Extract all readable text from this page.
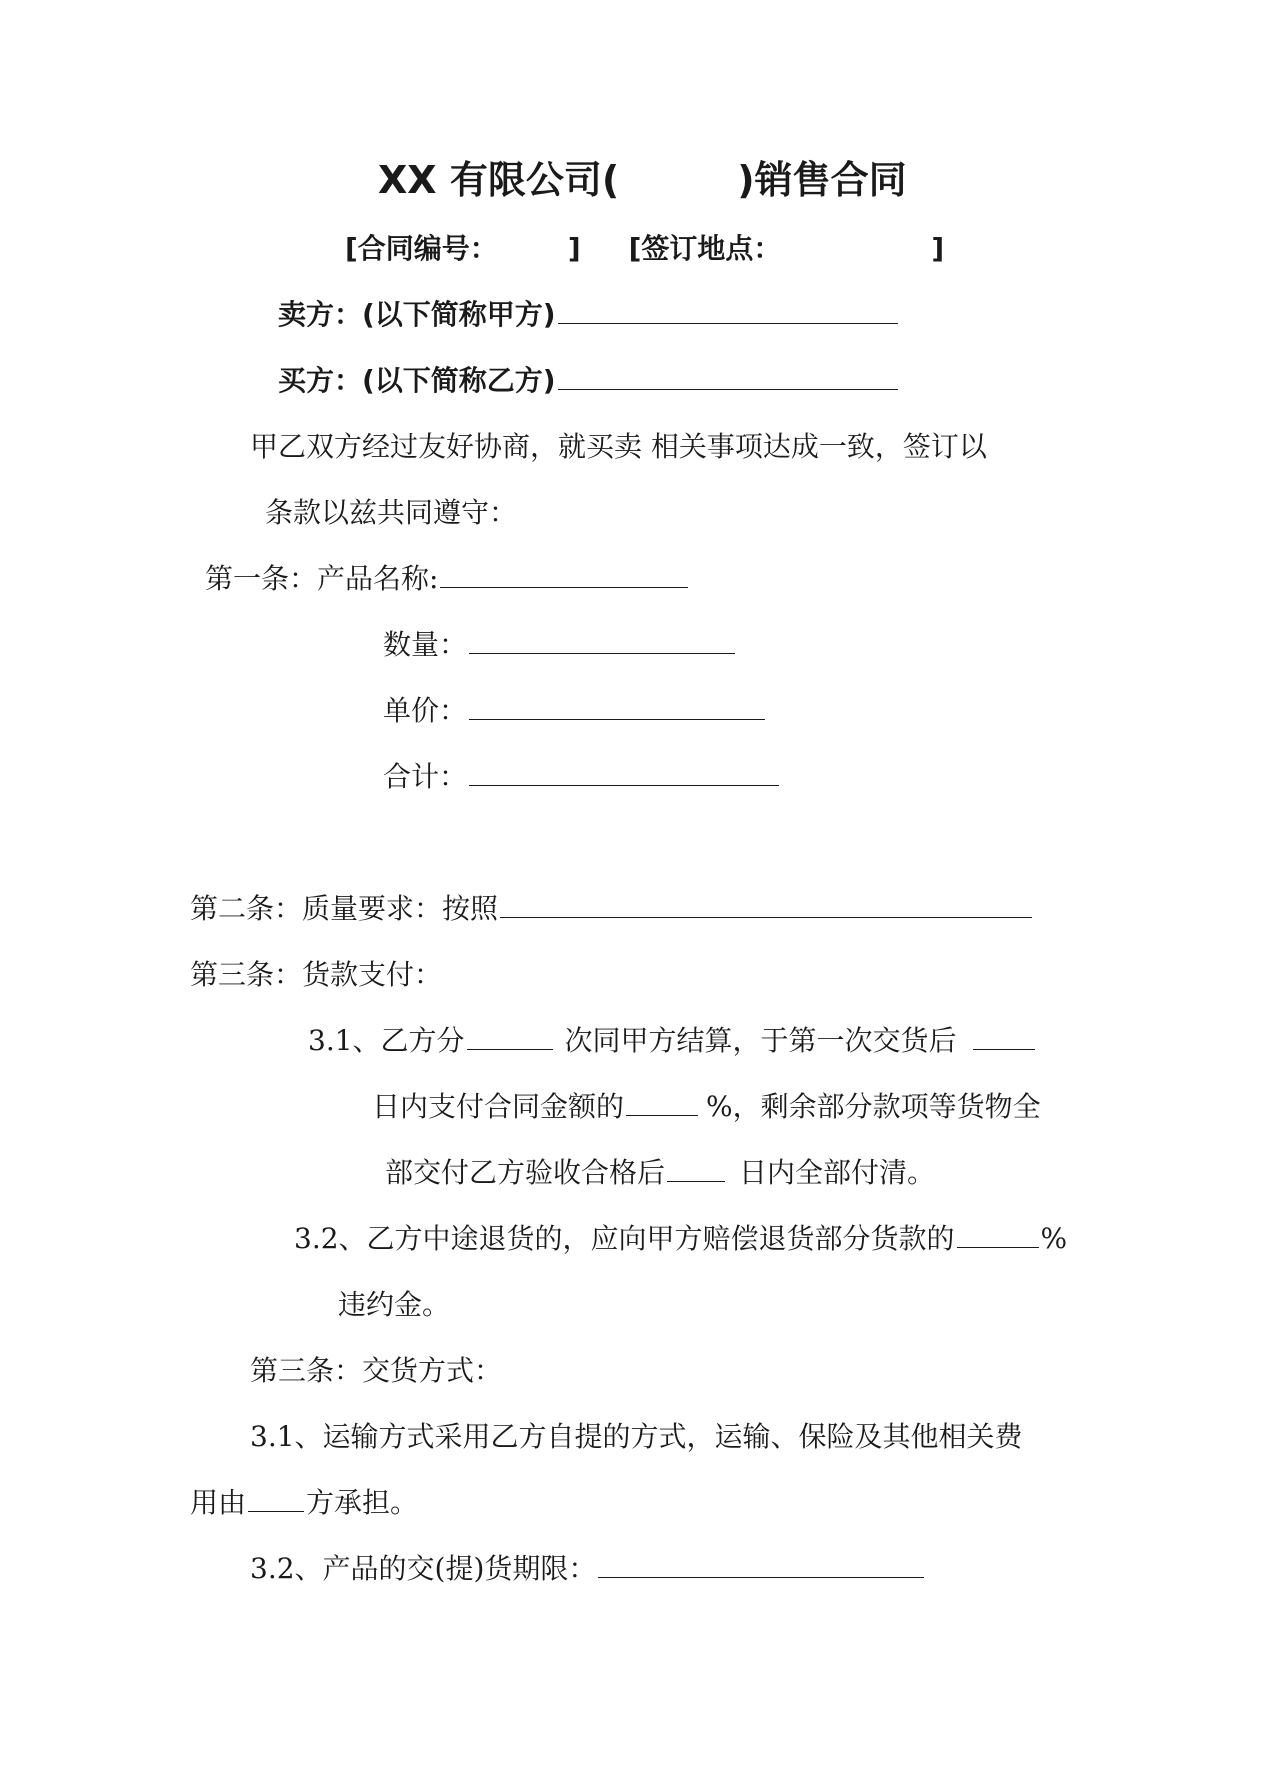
XX 有限公司(	)销售合同
[合同编号：	] [签订地点：	]
卖方：(以下简称甲方)
买方：(以下简称乙方)
甲乙双方经过友好协商，就买卖 相关事项达成一致，签订以
条款以兹共同遵守：
第一条：产品名称:
数量：
单价：
合计：
第二条：质量要求：按照
第三条：货款支付：
3.1、乙方分	次同甲方结算，于第一次交货后
日内支付合同金额的	%，剩余部分款项等货物全
部交付乙方验收合格后	日内全部付清。
3.2、乙方中途退货的，应向甲方赔偿退货部分货款的	%
违约金。
第三条：交货方式：
3.1、运输方式采用乙方自提的方式，运输、保险及其他相关费
用由 方承担。
3.2、产品的交(提)货期限：
